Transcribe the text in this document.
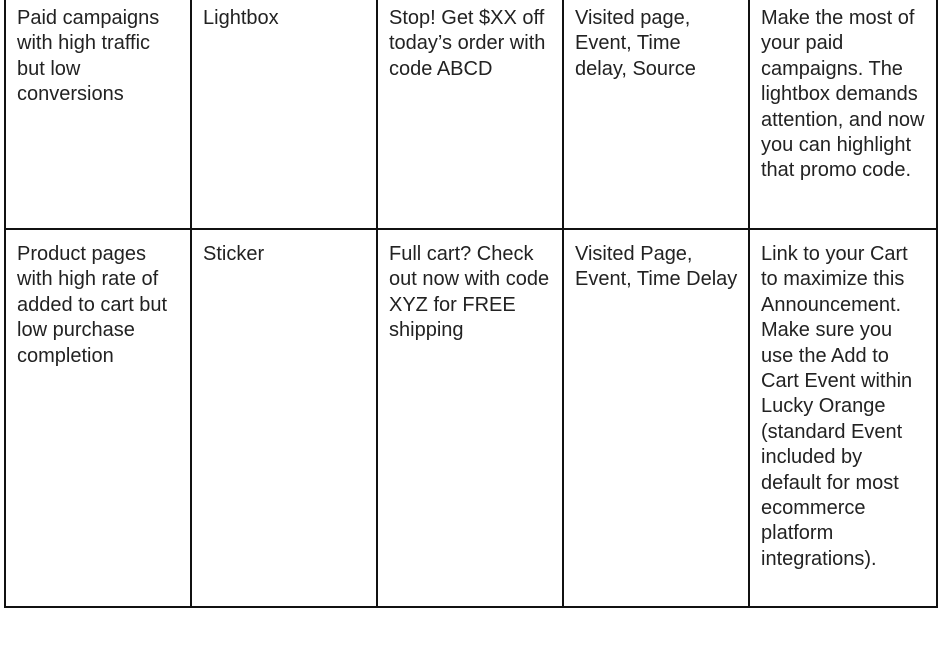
Paid campaigns with high traffic but low conversions	Lightbox	Stop! Get $XX off today’s order with code ABCD	Visited page, Event, Time delay, Source	Make the most of your paid campaigns. The lightbox demands attention, and now you can highlight that promo code.
Product pages with high rate of added to cart but low purchase completion	Sticker	Full cart? Check out now with code XYZ for FREE shipping	Visited Page, Event, Time Delay	Link to your Cart to maximize this Announcement. Make sure you use the Add to Cart Event within Lucky Orange (standard Event included by default for most ecommerce platform integrations).
